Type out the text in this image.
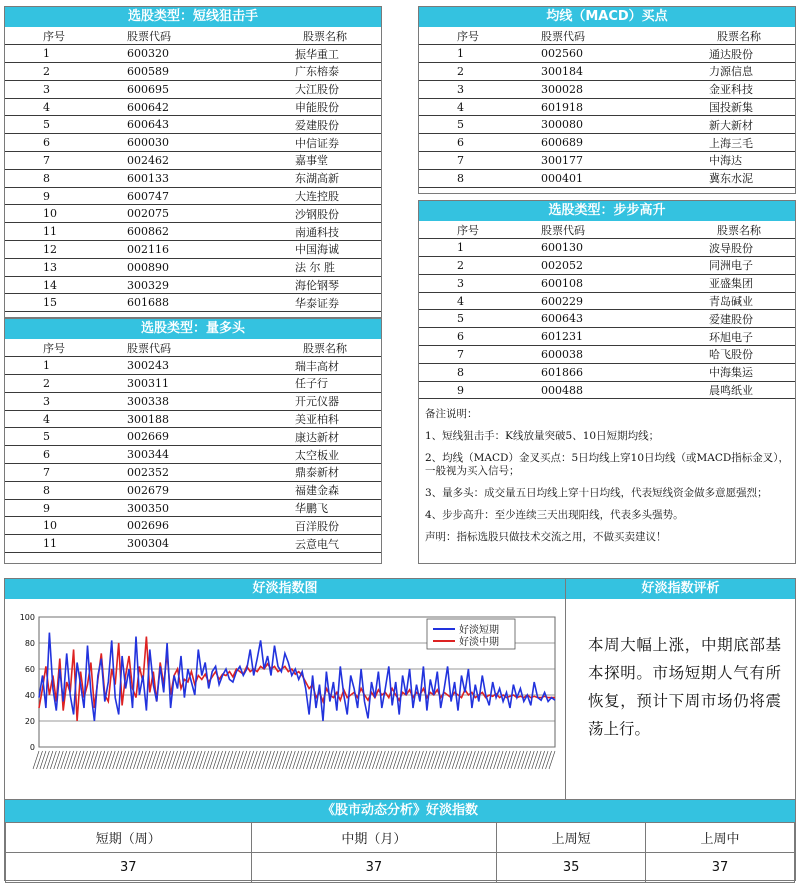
选股类型：短线狙击手
序号	股票代码	股票名称
1	600320	振华重工
2	600589	广东榕泰
3	600695	大江股份
4	600642	申能股份
5	600643	爱建股份
6	600030	中信证券
7	002462	嘉事堂
8	600133	东湖高新
9	600747	大连控股
10	002075	沙钢股份
11	600862	南通科技
12	002116	中国海诚
13	000890	法 尔 胜
14	300329	海伦钢琴
15	601688	华泰证券
选股类型：量多头
序号	股票代码	股票名称
1	300243	瑞丰高材
2	300311	任子行
3	300338	开元仪器
4	300188	美亚柏科
5	002669	康达新材
6	300344	太空板业
7	002352	鼎泰新材
8	002679	福建金森
9	300350	华鹏飞
10	002696	百洋股份
11	300304	云意电气
均线（MACD）买点
序号	股票代码	股票名称
1	002560	通达股份
2	300184	力源信息
3	300028	金亚科技
4	601918	国投新集
5	300080	新大新材
6	600689	上海三毛
7	300177	中海达
8	000401	冀东水泥
选股类型：步步高升
序号	股票代码	股票名称
1	600130	波导股份
2	002052	同洲电子
3	600108	亚盛集团
4	600229	青岛碱业
5	600643	爱建股份
6	601231	环旭电子
7	600038	哈飞股份
8	601866	中海集运
9	000488	晨鸣纸业

备注说明：

1、短线狙击手：K线放量突破5、10日短期均线；

2、均线（MACD）金叉买点：5日均线上穿10日均线（或MACD指标金叉），一般视为买入信号；

3、量多头：成交量五日均线上穿十日均线，代表短线资金做多意愿强烈；

4、步步高升：至少连续三天出现阳线，代表多头强势。

声明：指标选股只做技术交流之用，不做买卖建议！

好淡指数图
0
20
40
60
80
100
好淡短期
好淡中期
好淡指数评析
本周大幅上涨，中期底部基本探明。市场短期人气有所恢复，预计下周市场仍将震荡上行。
《股市动态分析》好淡指数
短期（周）	中期（月）	上周短	上周中
37	37	35	37
